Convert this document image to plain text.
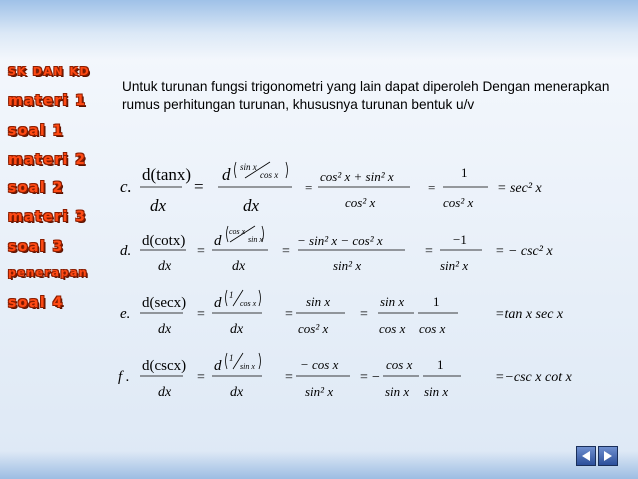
SK DAN KD
materi 1
soal 1
materi 2
soal 2
materi 3
soal 3
penerapan
soal 4
Untuk turunan fungsi trigonometri yang lain dapat diperoleh Dengan menerapkan rumus perhitungan turunan, khususnya turunan bentuk u/v
c.
d(tanx)
dx
=
d sin x
cos x
dx
=
cos² x + sin² x
cos² x
=
1
cos² x
= sec² x
d.
d(cotx)
dx
=
d
cos x
sin x
dx
=
− sin² x − cos² x
sin² x
=
−1
sin² x
= − csc² x
e.
d(secx)
dx
=
d 1
cos x
dx
=
sin x
cos² x
=
sin x
cos x
1
cos x
=tan x sec x
f .
d(cscx)
dx
=
d 1
sin x
dx
=
− cos x
sin² x
= −
cos x
sin x
1
sin x
=−csc x cot x
